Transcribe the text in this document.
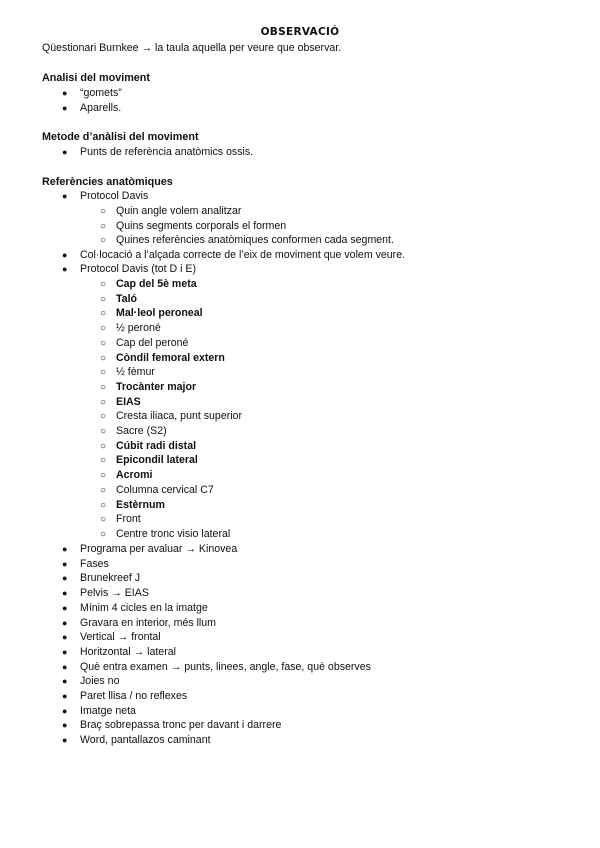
OBSERVACIÓ
Qüestionari Burnkee → la taula aquella per veure que observar.
Analisi del moviment
● “gomets”
● Aparells.
Metode d’anàlisi del moviment
● Punts de referència anatòmics ossis.
Referències anatòmiques
● Protocol Davis
● Col·locació a l’alçada correcte de l’eix de moviment que volem veure.
● Protocol Davis (tot D i E)
○ Quin angle volem analitzar
○ Quins segments corporals el formen
○ Quines referències anatòmiques conformen cada segment.
○ Cap del 5è meta
○ Taló
○ Mal·leol peroneal
○ ½ peroné
○ Cap del peroné
○ Còndil femoral extern
○ ½ fèmur
○ Trocànter major
○ EIAS
○ Cresta iliaca, punt superior
○ Sacre (S2)
○ Cúbit radi distal
○ Epicondil lateral
○ Acromi
○ Columna cervical C7
○ Estèrnum
○ Front
○ Centre tronc visio lateral
● Programa per avaluar → Kinovea
● Fases
● Brunekreef J
● Pelvis → EIAS
● Mínim 4 cicles en la imatge
● Gravara en interior, més llum
● Vertical → frontal
● Horitzontal → lateral
● Què entra examen → punts, linees, angle, fase, què observes
● Joies no
● Paret llisa / no reflexes
● Imatge neta
● Braç sobrepassa tronc per davant i darrere
● Word, pantallazos caminant
